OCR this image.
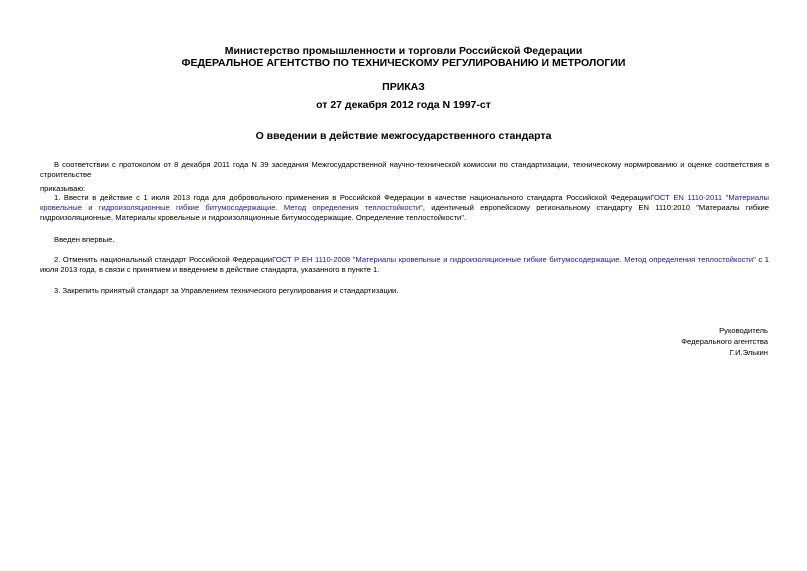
Министерство промышленности и торговли Российской Федерации
ФЕДЕРАЛЬНОЕ АГЕНТСТВО ПО ТЕХНИЧЕСКОМУ РЕГУЛИРОВАНИЮ И МЕТРОЛОГИИ
ПРИКАЗ
от 27 декабря 2012 года N 1997-ст
О введении в действие межгосударственного стандарта
В соответствии с протоколом от 8 декабря 2011 года N 39 заседания Межгосударственной научно-технической комиссии по стандартизации, техническому нормированию и оценке соответствия в строительстве
приказываю:
1. Ввести в действие с 1 июля 2013 года для добровольного применения в Российской Федерации в качестве национального стандарта Российской ФедерацииГОСТ EN 1110-2011 "Материалы кровельные и гидроизоляционные гибкие битумосодержащие. Метод определения теплостойкости", идентичный европейскому региональному стандарту EN 1110:2010 "Материалы гибкие гидроизоляционные. Материалы кровельные и гидроизоляционные битумосодержащие. Определение теплостойкости".
Введен впервые.
2. Отменить национальный стандарт Российской ФедерацииГОСТ Р ЕН 1110-2008 "Материалы кровельные и гидроизоляционные гибкие битумосодержащие. Метод определения теплостойкости" с 1 июля 2013 года, в связи с принятием и введением в действие стандарта, указанного в пункте 1.
3. Закрепить принятый стандарт за Управлением технического регулирования и стандартизации.
Руководитель
Федерального агентства
Г.И.Элькин
